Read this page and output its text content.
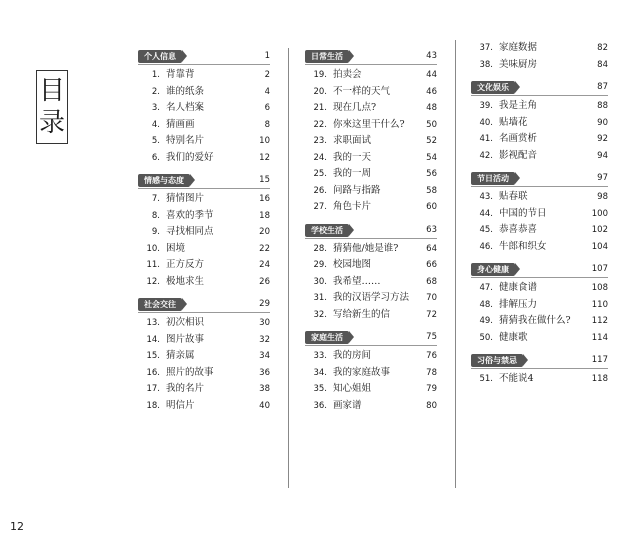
目
录
个人信息	1
1. 背靠背	2
2. 谁的纸条	4
3. 名人档案	6
4. 猜画画	8
5. 特别名片	10
6. 我们的爱好	12
情感与态度	15
7. 猜情图片	16
8. 喜欢的季节	18
9. 寻找相同点	20
10. 困境	22
11. 正方反方	24
12. 极地求生	26
社会交往	29
13. 初次相识	30
14. 图片故事	32
15. 猜亲属	34
16. 照片的故事	36
17. 我的名片	38
18. 明信片	40
日常生活	43
19. 拍卖会	44
20. 不一样的天气	46
21. 现在几点?	48
22. 你來这里干什么?	50
23. 求职面试	52
24. 我的一天	54
25. 我的一周	56
26. 问路与指路	58
27. 角色卡片	60
学校生活	63
28. 猜猜他/她是谁?	64
29. 校园地图	66
30. 我希望……	68
31. 我的汉语学习方法	70
32. 写给新生的信	72
家庭生活	75
33. 我的房间	76
34. 我的家庭故事	78
35. 知心姐姐	79
36. 画家谱	80
37. 家庭数据	82
38. 美味厨房	84
文化娱乐	87
39. 我是主角	88
40. 贴墙花	90
41. 名画赏析	92
42. 影视配音	94
节日活动	97
43. 贴春联	98
44. 中国的节日	100
45. 恭喜恭喜	102
46. 牛郎和织女	104
身心健康	107
47. 健康食谱	108
48. 排解压力	110
49. 猜猜我在做什么?	112
50. 健康歌	114
习俗与禁忌	117
51. 不能说4	118
12
